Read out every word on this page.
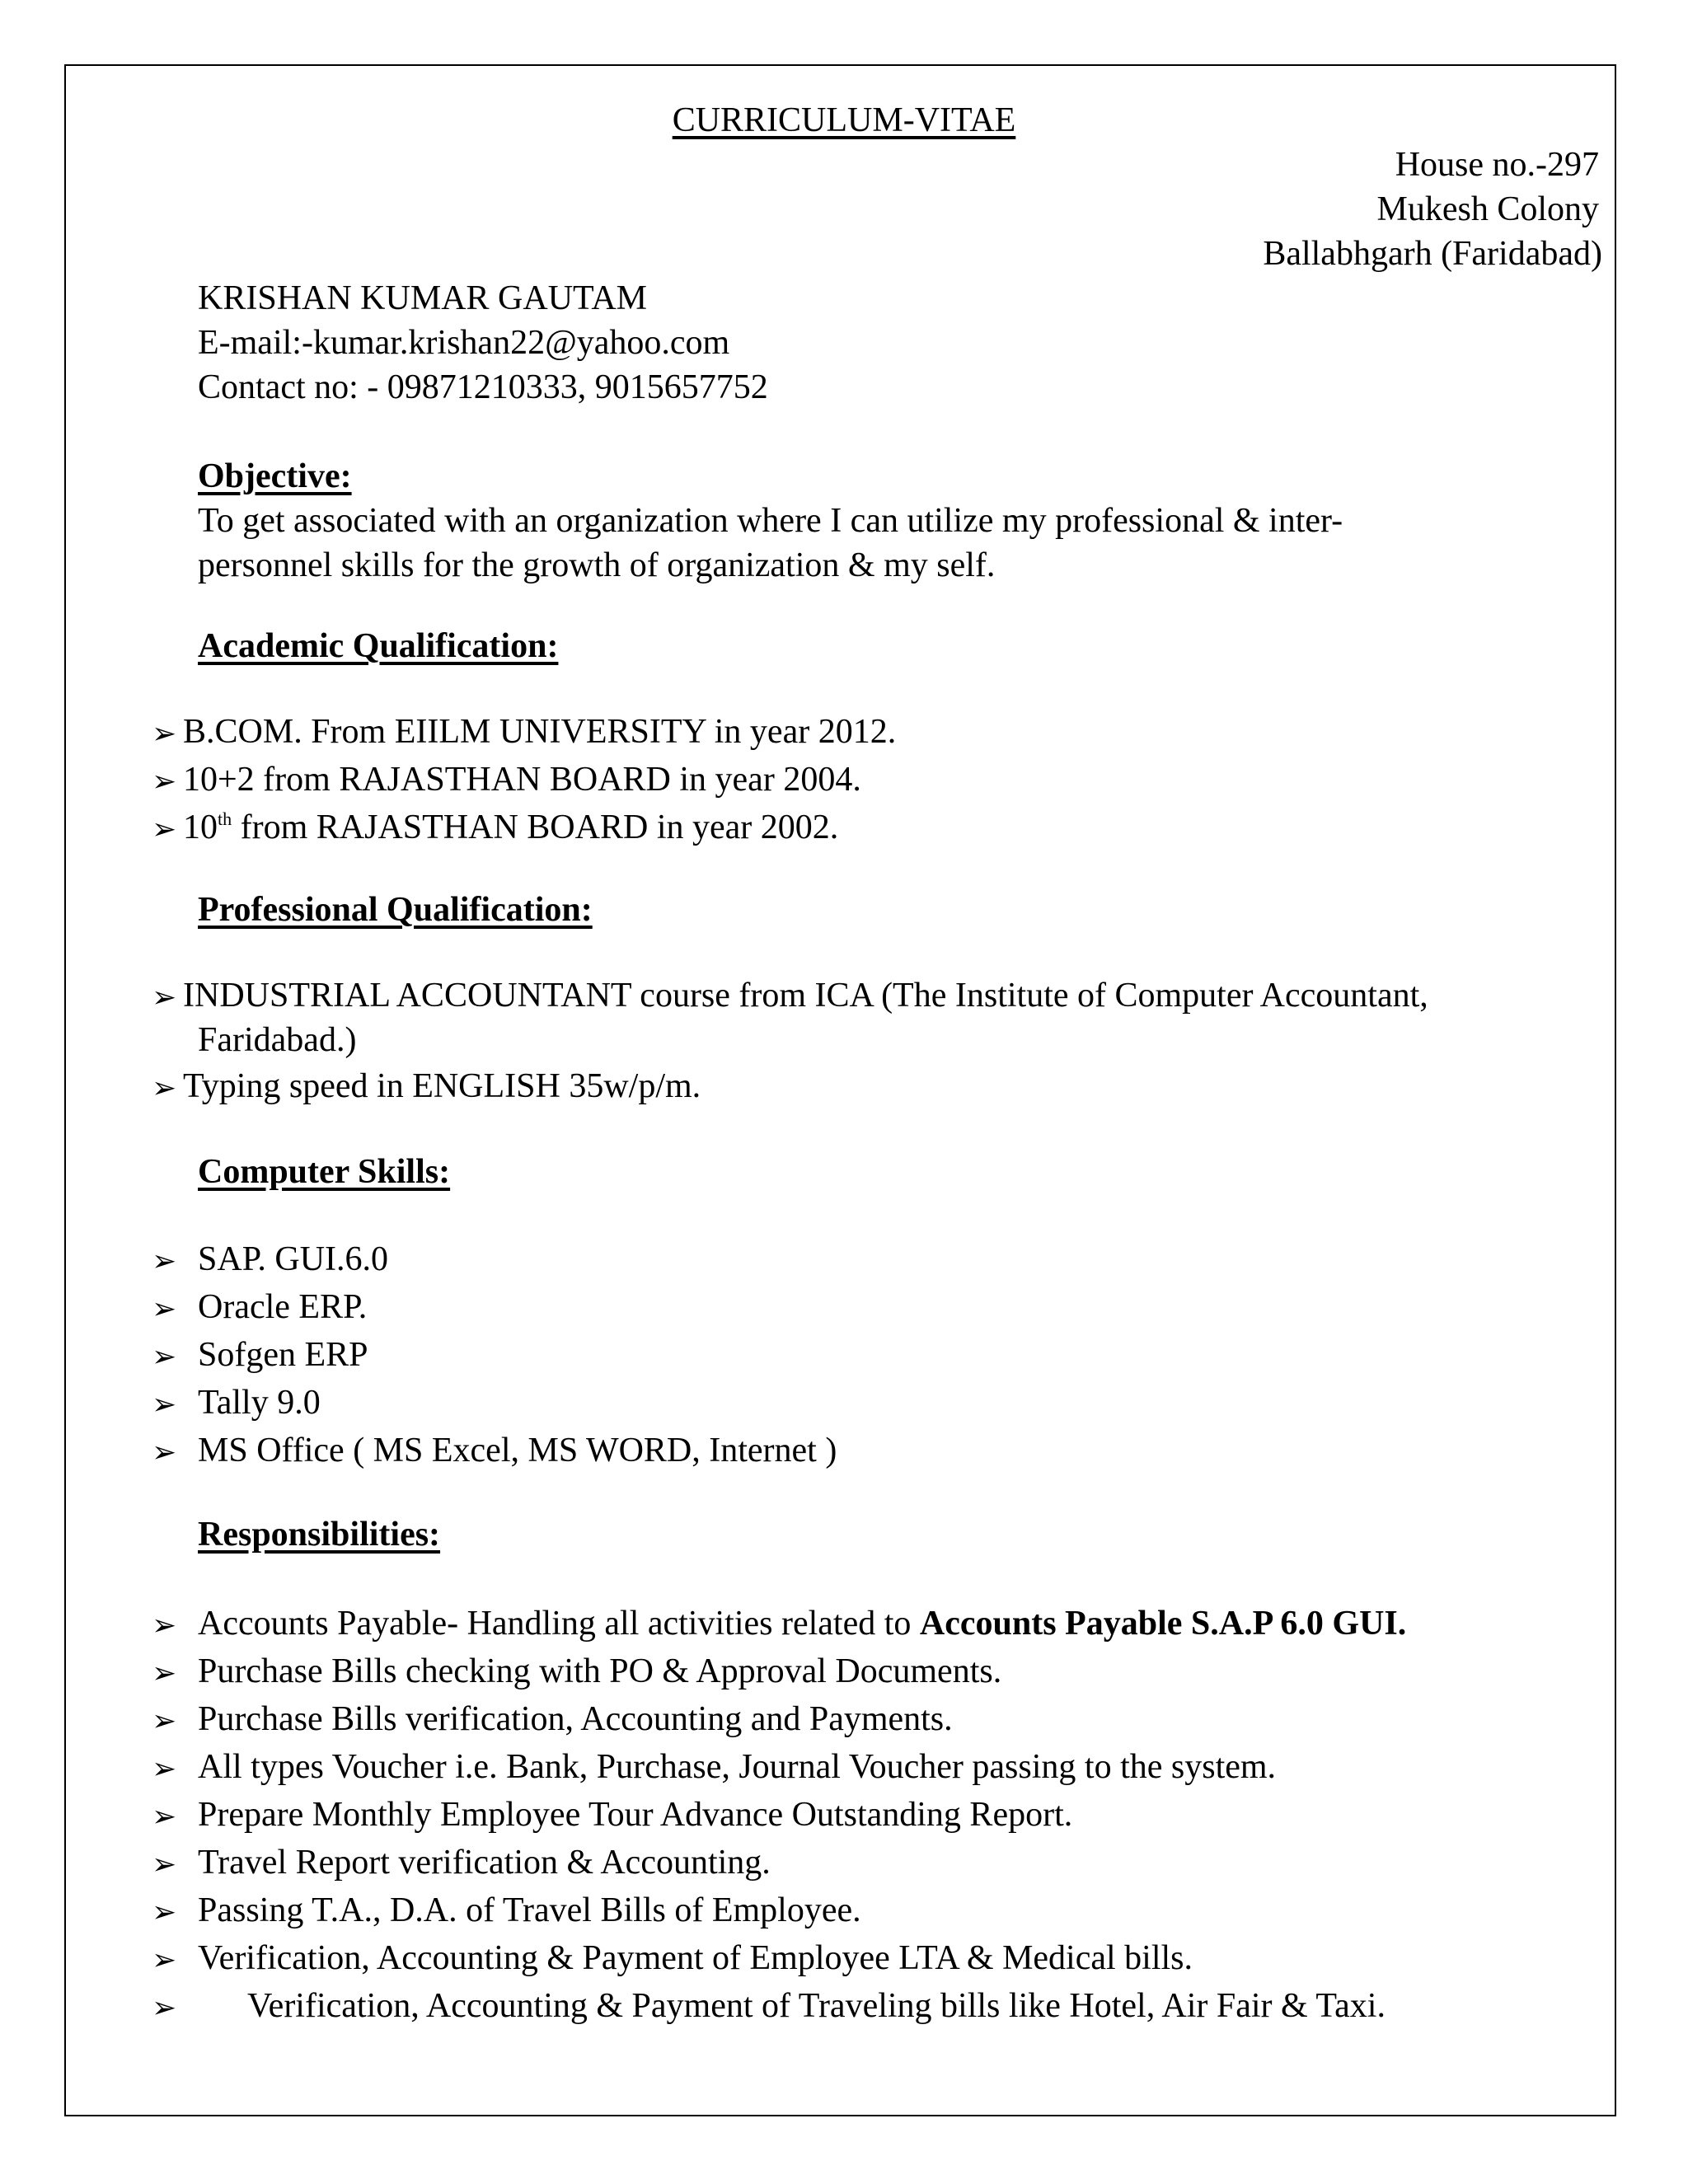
CURRICULUM-VITAE
House no.-297
Mukesh Colony
Ballabhgarh (Faridabad)
KRISHAN KUMAR GAUTAM
E-mail:-kumar.krishan22@yahoo.com
Contact no: - 09871210333, 9015657752
Objective:
To get associated with an organization where I can utilize my professional & inter-
personnel skills for the growth of organization & my self.
Academic Qualification:
➢ B.COM. From EIILM UNIVERSITY in year 2012.
➢ 10+2 from RAJASTHAN BOARD in year 2004.
➢ 10th from RAJASTHAN BOARD in year 2002.
Professional Qualification:
➢ INDUSTRIAL ACCOUNTANT course from ICA (The Institute of Computer Accountant,
Faridabad.)
➢ Typing speed in ENGLISH 35w/p/m.
Computer Skills:
➢ SAP. GUI.6.0
➢ Oracle ERP.
➢ Sofgen ERP
➢ Tally 9.0
➢ MS Office ( MS Excel, MS WORD, Internet )
Responsibilities:
➢ Accounts Payable- Handling all activities related to Accounts Payable S.A.P 6.0 GUI.
➢ Purchase Bills checking with PO & Approval Documents.
➢ Purchase Bills verification, Accounting and Payments.
➢ All types Voucher i.e. Bank, Purchase, Journal Voucher passing to the system.
➢ Prepare Monthly Employee Tour Advance Outstanding Report.
➢ Travel Report verification & Accounting.
➢ Passing T.A., D.A. of Travel Bills of Employee.
➢ Verification, Accounting & Payment of Employee LTA & Medical bills.
➢ Verification, Accounting & Payment of Traveling bills like Hotel, Air Fair & Taxi.
